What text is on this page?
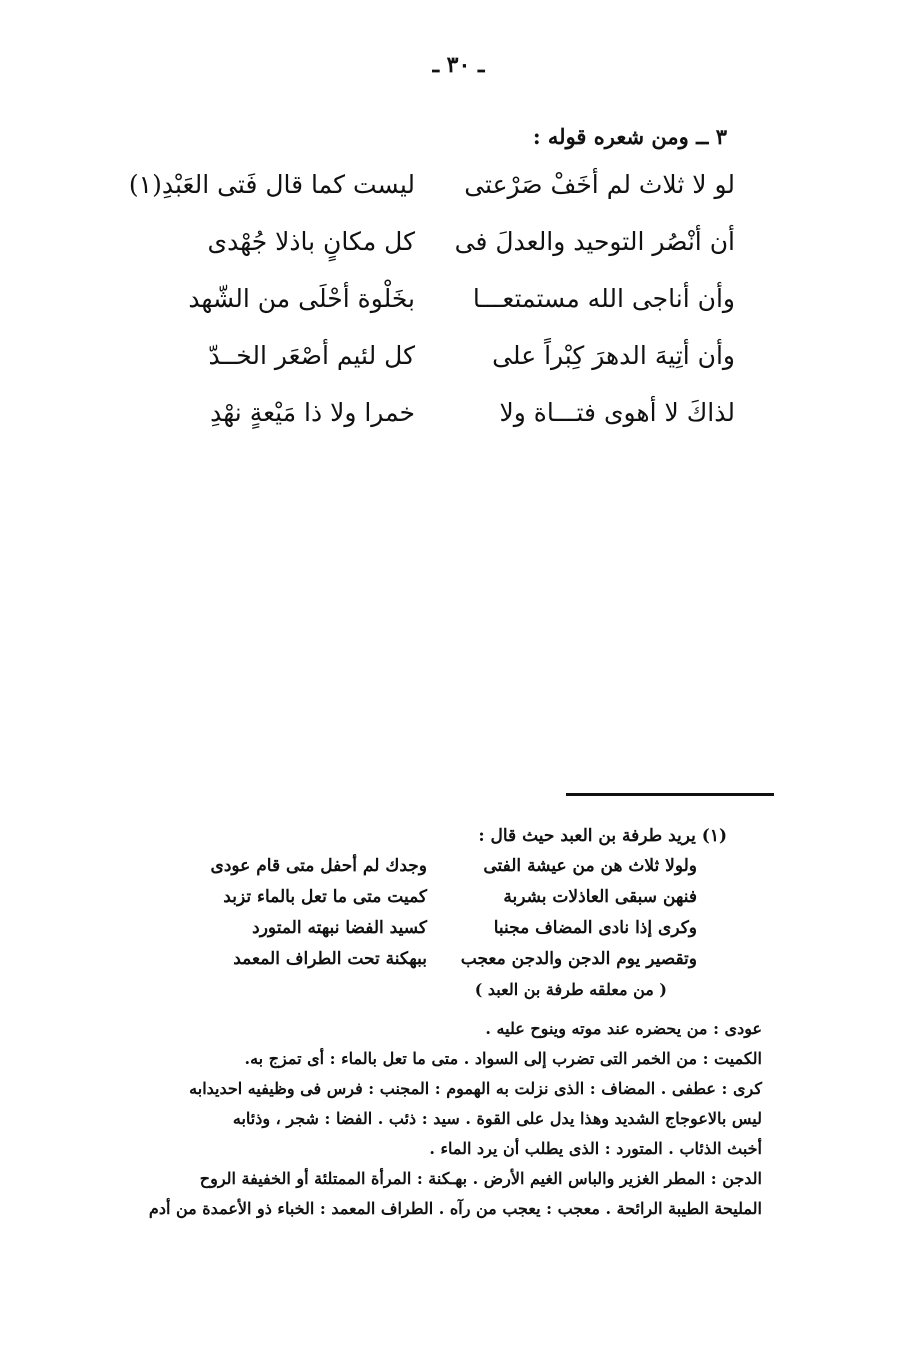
ـ ٣٠ ـ
٣ ــ ومن شعره قوله :
لو لا ثلاث لم أخَفْ صَرْعتى
ليست كما قال فَتى العَبْدِ(١)
أن أنْصُر التوحيد والعدلَ فى
كل مكانٍ باذلا جُهْدى
وأن أناجى الله مستمتعـــا
بخَلْوة أحْلَى من الشّهد
وأن أتِيهَ الدهرَ كِبْراً على
كل لئيم أصْعَر الخــدّ
لذاكَ لا أهوى فتـــاة ولا
خمرا ولا ذا مَيْعةٍ نهْدِ
(١) يريد طرفة بن العبد حيث قال :
ولولا ثلاث هن من عيشة الفتى
وجدك لم أحفل متى قام عودى
فنهن سبقى العاذلات بشربة
كميت متى ما تعل بالماء تزبد
وكرى إذا نادى المضاف مجنبا
كسيد الفضا نبهته المتورد
وتقصير يوم الدجن والدجن معجب
ببهكنة تحت الطراف المعمد
( من معلقه طرفة بن العبد )
عودى : من يحضره عند موته وينوح عليه .
الكميت : من الخمر التى تضرب إلى السواد . متى ما تعل بالماء : أى تمزج به.
كرى : عطفى . المضاف : الذى نزلت به الهموم : المجنب : فرس فى وظيفيه احديدابه
ليس بالاعوجاج الشديد وهذا يدل على القوة . سيد : ذئب . الفضا : شجر ، وذئابه
أخبث الذئاب . المتورد : الذى يطلب أن يرد الماء .
الدجن : المطر الغزير والباس الغيم الأرض . بهـكنة : المرأة الممتلئة أو الخفيفة الروح
المليحة الطيبة الرائحة . معجب : يعجب من رآه . الطراف المعمد : الخباء ذو الأعمدة من أدم
